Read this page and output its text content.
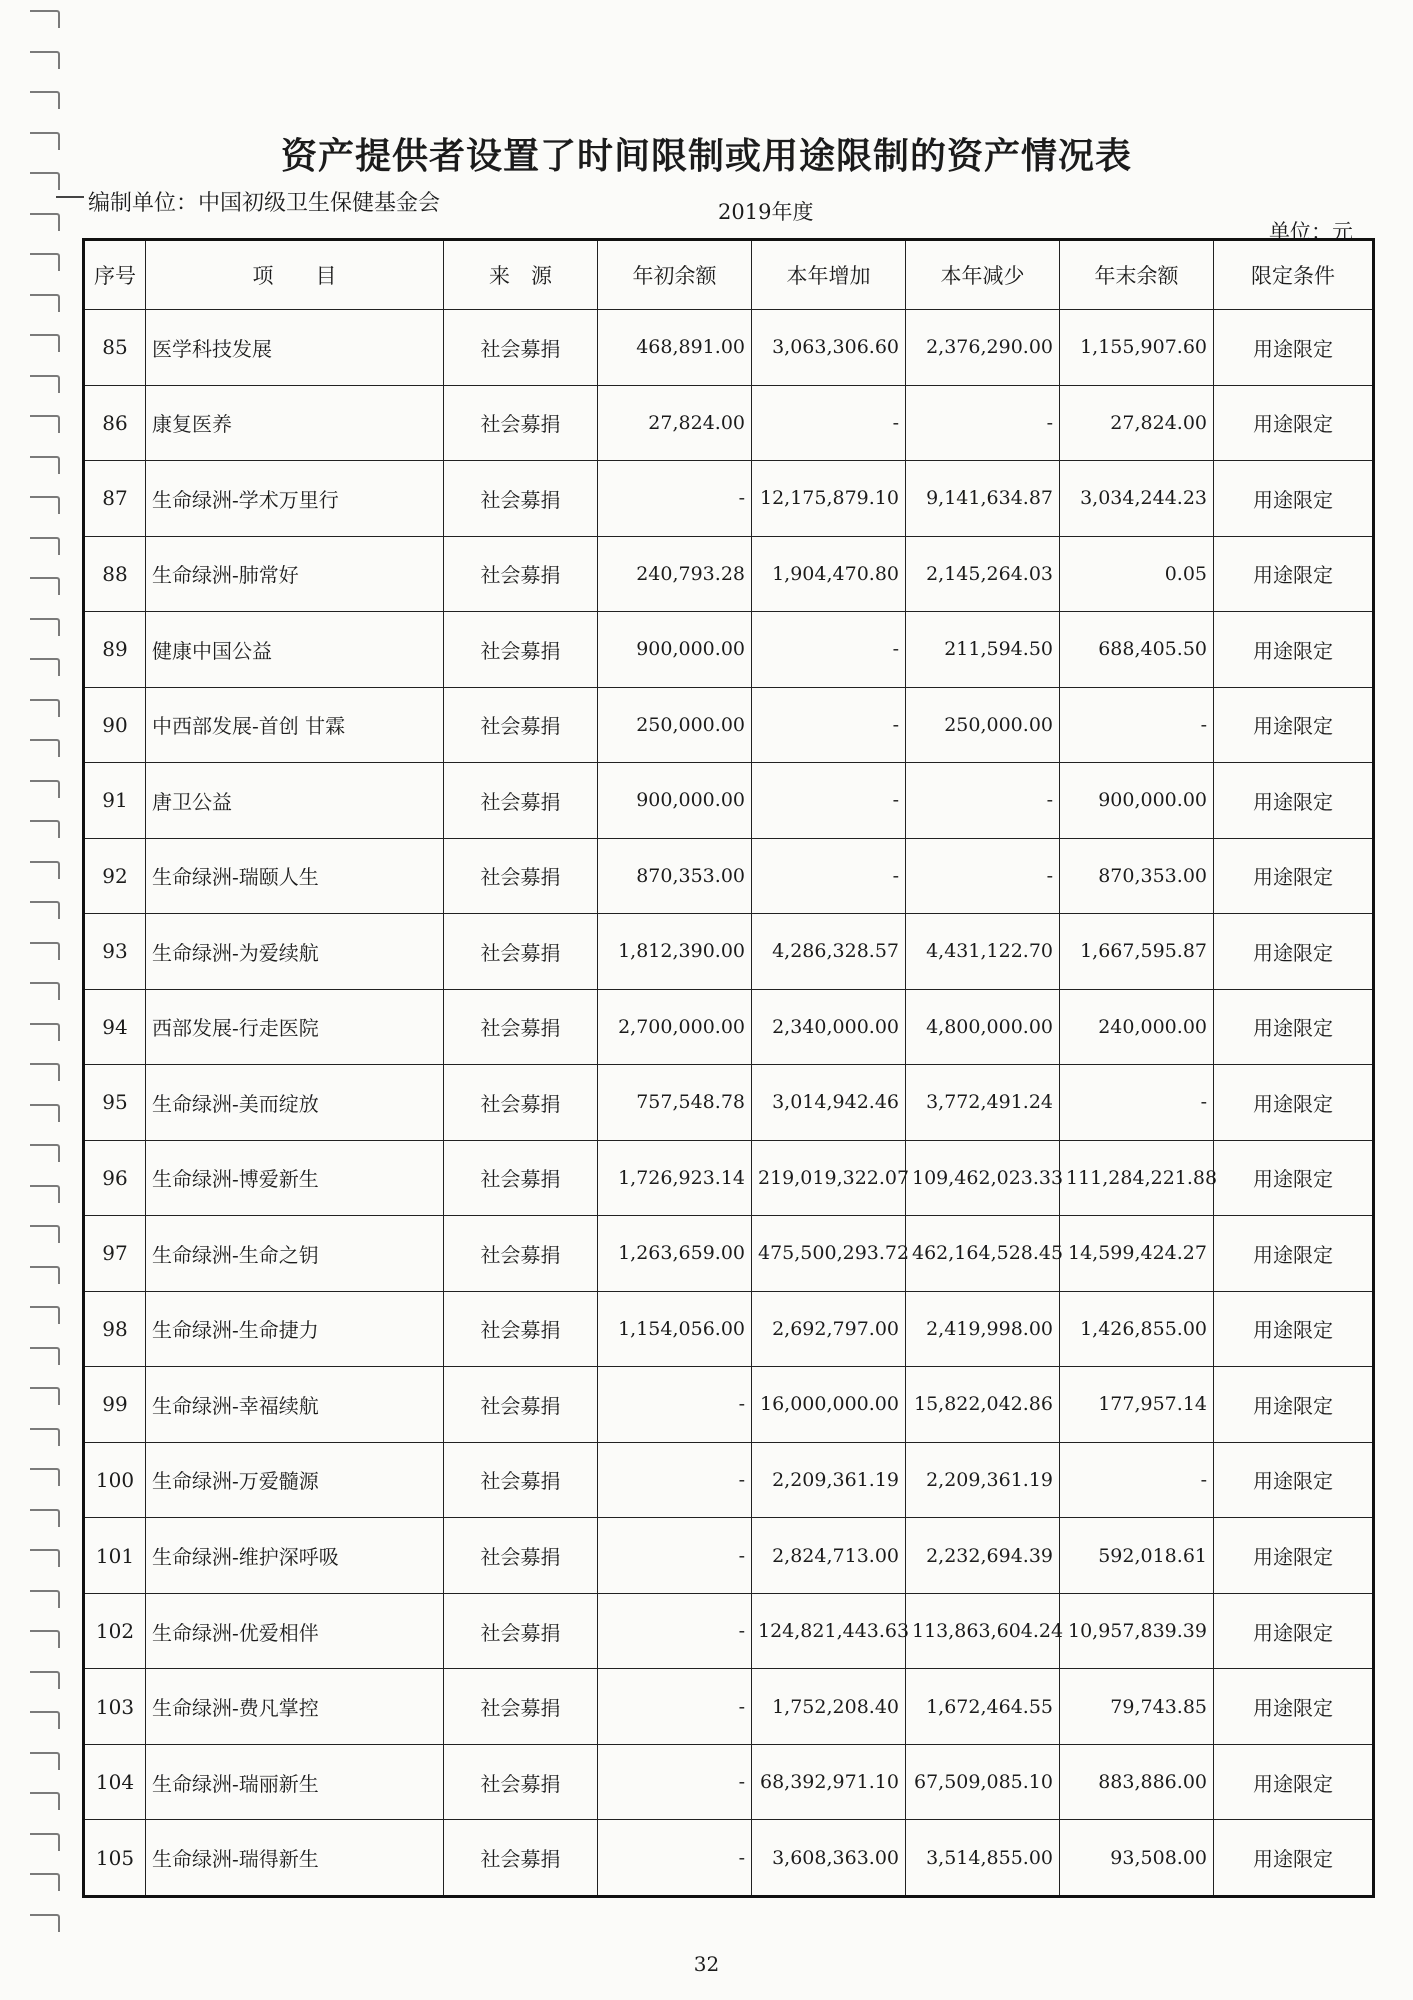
资产提供者设置了时间限制或用途限制的资产情况表
编制单位：中国初级卫生保健基金会	2019年度
单位：元
序号	项　　目	来　源	年初余额	本年增加	本年减少	年末余额	限定条件
85	医学科技发展	社会募捐	468,891.00	3,063,306.60	2,376,290.00	1,155,907.60	用途限定
86	康复医养	社会募捐	27,824.00	-	-	27,824.00	用途限定
87	生命绿洲-学术万里行	社会募捐	-	12,175,879.10	9,141,634.87	3,034,244.23	用途限定
88	生命绿洲-肺常好	社会募捐	240,793.28	1,904,470.80	2,145,264.03	0.05	用途限定
89	健康中国公益	社会募捐	900,000.00	-	211,594.50	688,405.50	用途限定
90	中西部发展-首创 甘霖	社会募捐	250,000.00	-	250,000.00	-	用途限定
91	唐卫公益	社会募捐	900,000.00	-	-	900,000.00	用途限定
92	生命绿洲-瑞颐人生	社会募捐	870,353.00	-	-	870,353.00	用途限定
93	生命绿洲-为爱续航	社会募捐	1,812,390.00	4,286,328.57	4,431,122.70	1,667,595.87	用途限定
94	西部发展-行走医院	社会募捐	2,700,000.00	2,340,000.00	4,800,000.00	240,000.00	用途限定
95	生命绿洲-美而绽放	社会募捐	757,548.78	3,014,942.46	3,772,491.24	-	用途限定
96	生命绿洲-博爱新生	社会募捐	1,726,923.14	219,019,322.07	109,462,023.33	111,284,221.88	用途限定
97	生命绿洲-生命之钥	社会募捐	1,263,659.00	475,500,293.72	462,164,528.45	14,599,424.27	用途限定
98	生命绿洲-生命捷力	社会募捐	1,154,056.00	2,692,797.00	2,419,998.00	1,426,855.00	用途限定
99	生命绿洲-幸福续航	社会募捐	-	16,000,000.00	15,822,042.86	177,957.14	用途限定
100	生命绿洲-万爱髓源	社会募捐	-	2,209,361.19	2,209,361.19	-	用途限定
101	生命绿洲-维护深呼吸	社会募捐	-	2,824,713.00	2,232,694.39	592,018.61	用途限定
102	生命绿洲-优爱相伴	社会募捐	-	124,821,443.63	113,863,604.24	10,957,839.39	用途限定
103	生命绿洲-费凡掌控	社会募捐	-	1,752,208.40	1,672,464.55	79,743.85	用途限定
104	生命绿洲-瑞丽新生	社会募捐	-	68,392,971.10	67,509,085.10	883,886.00	用途限定
105	生命绿洲-瑞得新生	社会募捐	-	3,608,363.00	3,514,855.00	93,508.00	用途限定
32
